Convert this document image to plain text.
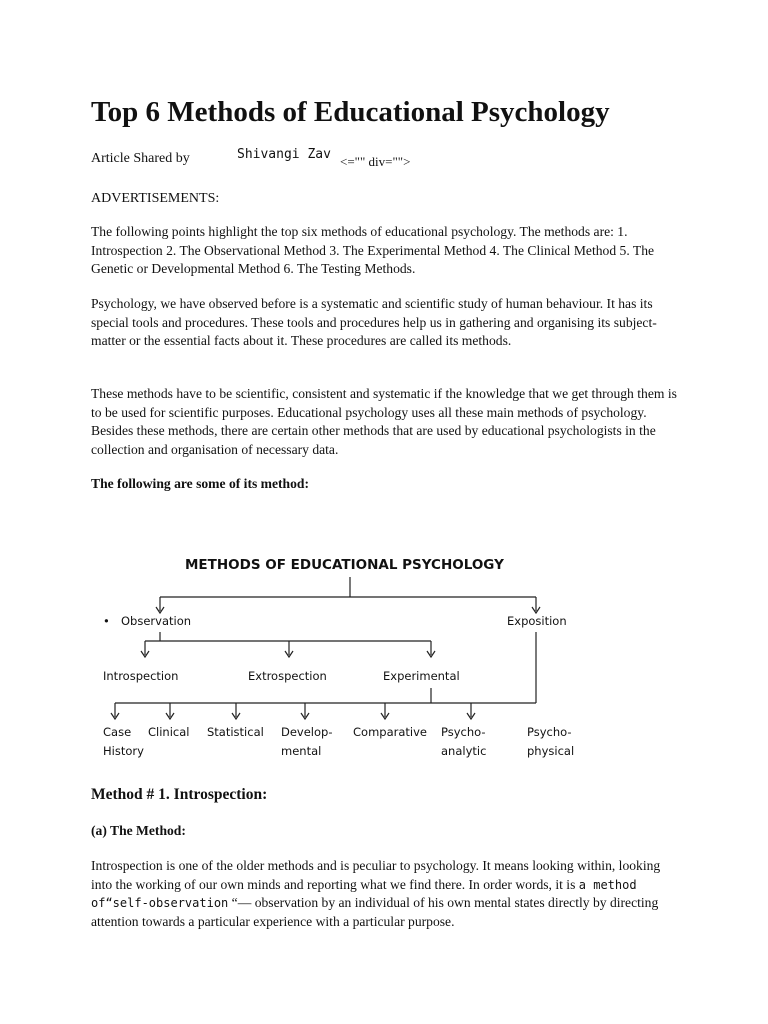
Top 6 Methods of Educational Psychology
Article Shared by	Shivangi Zav <="" div="">
ADVERTISEMENTS:

The following points highlight the top six methods of educational psychology. The methods are: 1. Introspection 2. The Observational Method 3. The Experimental Method 4. The Clinical Method 5. The Genetic or Developmental Method 6. The Testing Methods.

Psychology, we have observed before is a systematic and scientific study of human behaviour. It has its special tools and procedures. These tools and procedures help us in gathering and organising its subject-matter or the essential facts about it. These procedures are called its methods.

These methods have to be scientific, consistent and systematic if the knowledge that we get through them is to be used for scientific purposes. Educational psychology uses all these main methods of psychology. Besides these methods, there are certain other methods that are used by educational psychologists in the collection and organisation of necessary data.

The following are some of its method:
Method # 1. Introspection:
(a) The Method:

Introspection is one of the older methods and is peculiar to psychology. It means looking within, looking into the working of our own minds and reporting what we find there. In order words, it is a method of“self-observation “— observation by an individual of his own mental states directly by directing attention towards a particular experience with a particular purpose.

METHODS OF EDUCATIONAL PSYCHOLOGY
• Observation	Exposition
Introspection	Extrospection	Experimental
Case
History
Clinical Statistical Develop-
mental
Comparative Psycho-
analytic
Psycho-
physical
